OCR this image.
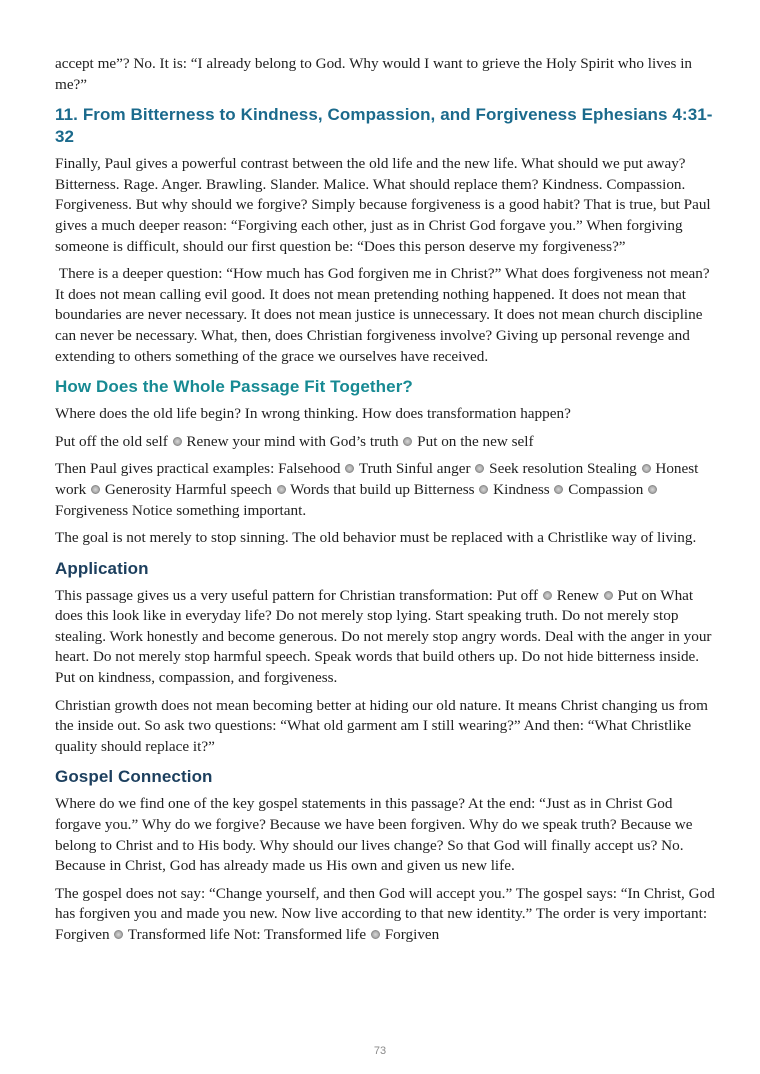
accept me”? No. It is: “I already belong to God. Why would I want to grieve the Holy Spirit who lives in me?”

11. From Bitterness to Kindness, Compassion, and Forgiveness Ephesians 4:31-32

Finally, Paul gives a powerful contrast between the old life and the new life. What should we put away? Bitterness. Rage. Anger. Brawling. Slander. Malice. What should replace them? Kindness. Compassion. Forgiveness. But why should we forgive? Simply because forgiveness is a good habit? That is true, but Paul gives a much deeper reason: “Forgiving each other, just as in Christ God forgave you.” When forgiving someone is difficult, should our first question be: “Does this person deserve my forgiveness?”

There is a deeper question: “How much has God forgiven me in Christ?” What does forgiveness not mean? It does not mean calling evil good. It does not mean pretending nothing happened. It does not mean that boundaries are never necessary. It does not mean justice is unnecessary. It does not mean church discipline can never be necessary. What, then, does Christian forgiveness involve? Giving up personal revenge and extending to others something of the grace we ourselves have received.

How Does the Whole Passage Fit Together?

Where does the old life begin? In wrong thinking. How does transformation happen?

Put off the old self Renew your mind with God’s truth Put on the new self

Then Paul gives practical examples: Falsehood Truth Sinful anger Seek resolution Stealing Honest work Generosity Harmful speech Words that build up Bitterness Kindness Compassion  Forgiveness Notice something important.

The goal is not merely to stop sinning. The old behavior must be replaced with a Christlike way of living.

Application

This passage gives us a very useful pattern for Christian transformation: Put off Renew Put on What does this look like in everyday life? Do not merely stop lying. Start speaking truth. Do not merely stop stealing. Work honestly and become generous. Do not merely stop angry words. Deal with the anger in your heart. Do not merely stop harmful speech. Speak words that build others up. Do not hide bitterness inside. Put on kindness, compassion, and forgiveness.

Christian growth does not mean becoming better at hiding our old nature. It means Christ changing us from the inside out. So ask two questions: “What old garment am I still wearing?” And then: “What Christlike quality should replace it?”

Gospel Connection

Where do we find one of the key gospel statements in this passage? At the end: “Just as in Christ God forgave you.” Why do we forgive? Because we have been forgiven. Why do we speak truth? Because we belong to Christ and to His body. Why should our lives change? So that God will finally accept us? No. Because in Christ, God has already made us His own and given us new life.

The gospel does not say: “Change yourself, and then God will accept you.” The gospel says: “In Christ, God has forgiven you and made you new. Now live according to that new identity.” The order is very important: Forgiven Transformed life Not: Transformed life Forgiven

73
